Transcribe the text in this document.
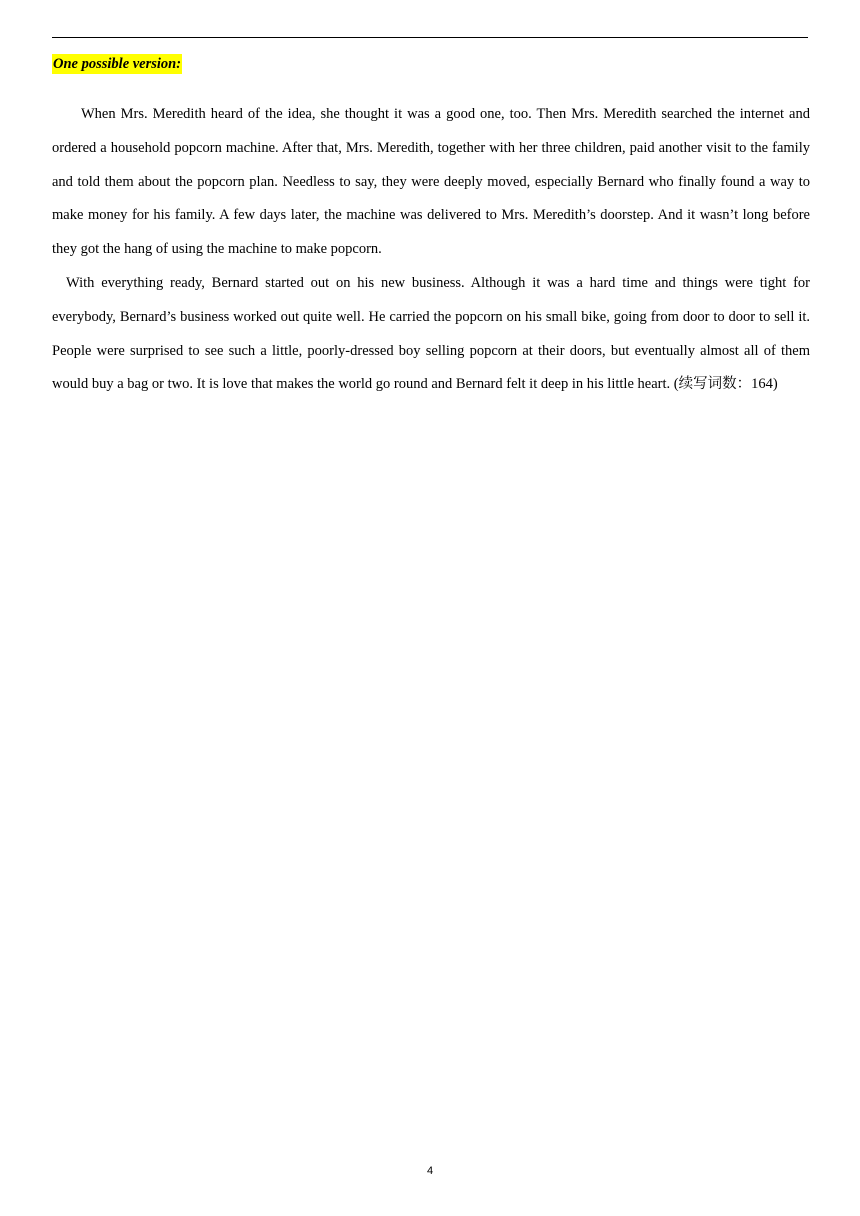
One possible version:

When Mrs. Meredith heard of the idea, she thought it was a good one, too. Then Mrs. Meredith searched the internet and ordered a household popcorn machine. After that, Mrs. Meredith, together with her three children, paid another visit to the family and told them about the popcorn plan. Needless to say, they were deeply moved, especially Bernard who finally found a way to make money for his family. A few days later, the machine was delivered to Mrs. Meredith’s doorstep. And it wasn’t long before they got the hang of using the machine to make popcorn.

With everything ready, Bernard started out on his new business. Although it was a hard time and things were tight for everybody, Bernard’s business worked out quite well. He carried the popcorn on his small bike, going from door to door to sell it. People were surprised to see such a little, poorly-dressed boy selling popcorn at their doors, but eventually almost all of them would buy a bag or two. It is love that makes the world go round and Bernard felt it deep in his little heart. (续写词数：164)

4
